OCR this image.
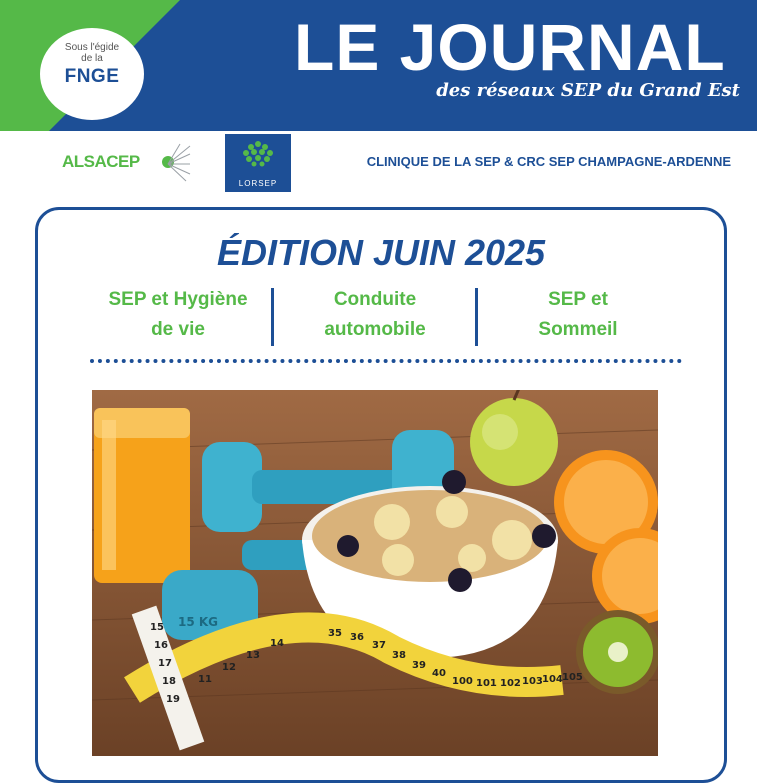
Sous l'égide
de la
FNGE	LE JOURNAL

des réseaux SEP du Grand Est

ALSACEP
LORSEP

CLINIQUE DE LA SEP & CRC SEP CHAMPAGNE-ARDENNE

ÉDITION JUIN 2025
SEP et Hygiène
de vie
Conduite
automobile
SEP et
Sommeil
15 KG
15
16
17
18
19
11
12
13
14
35 36
37
38
39
40
100 101 102 103 104 105
